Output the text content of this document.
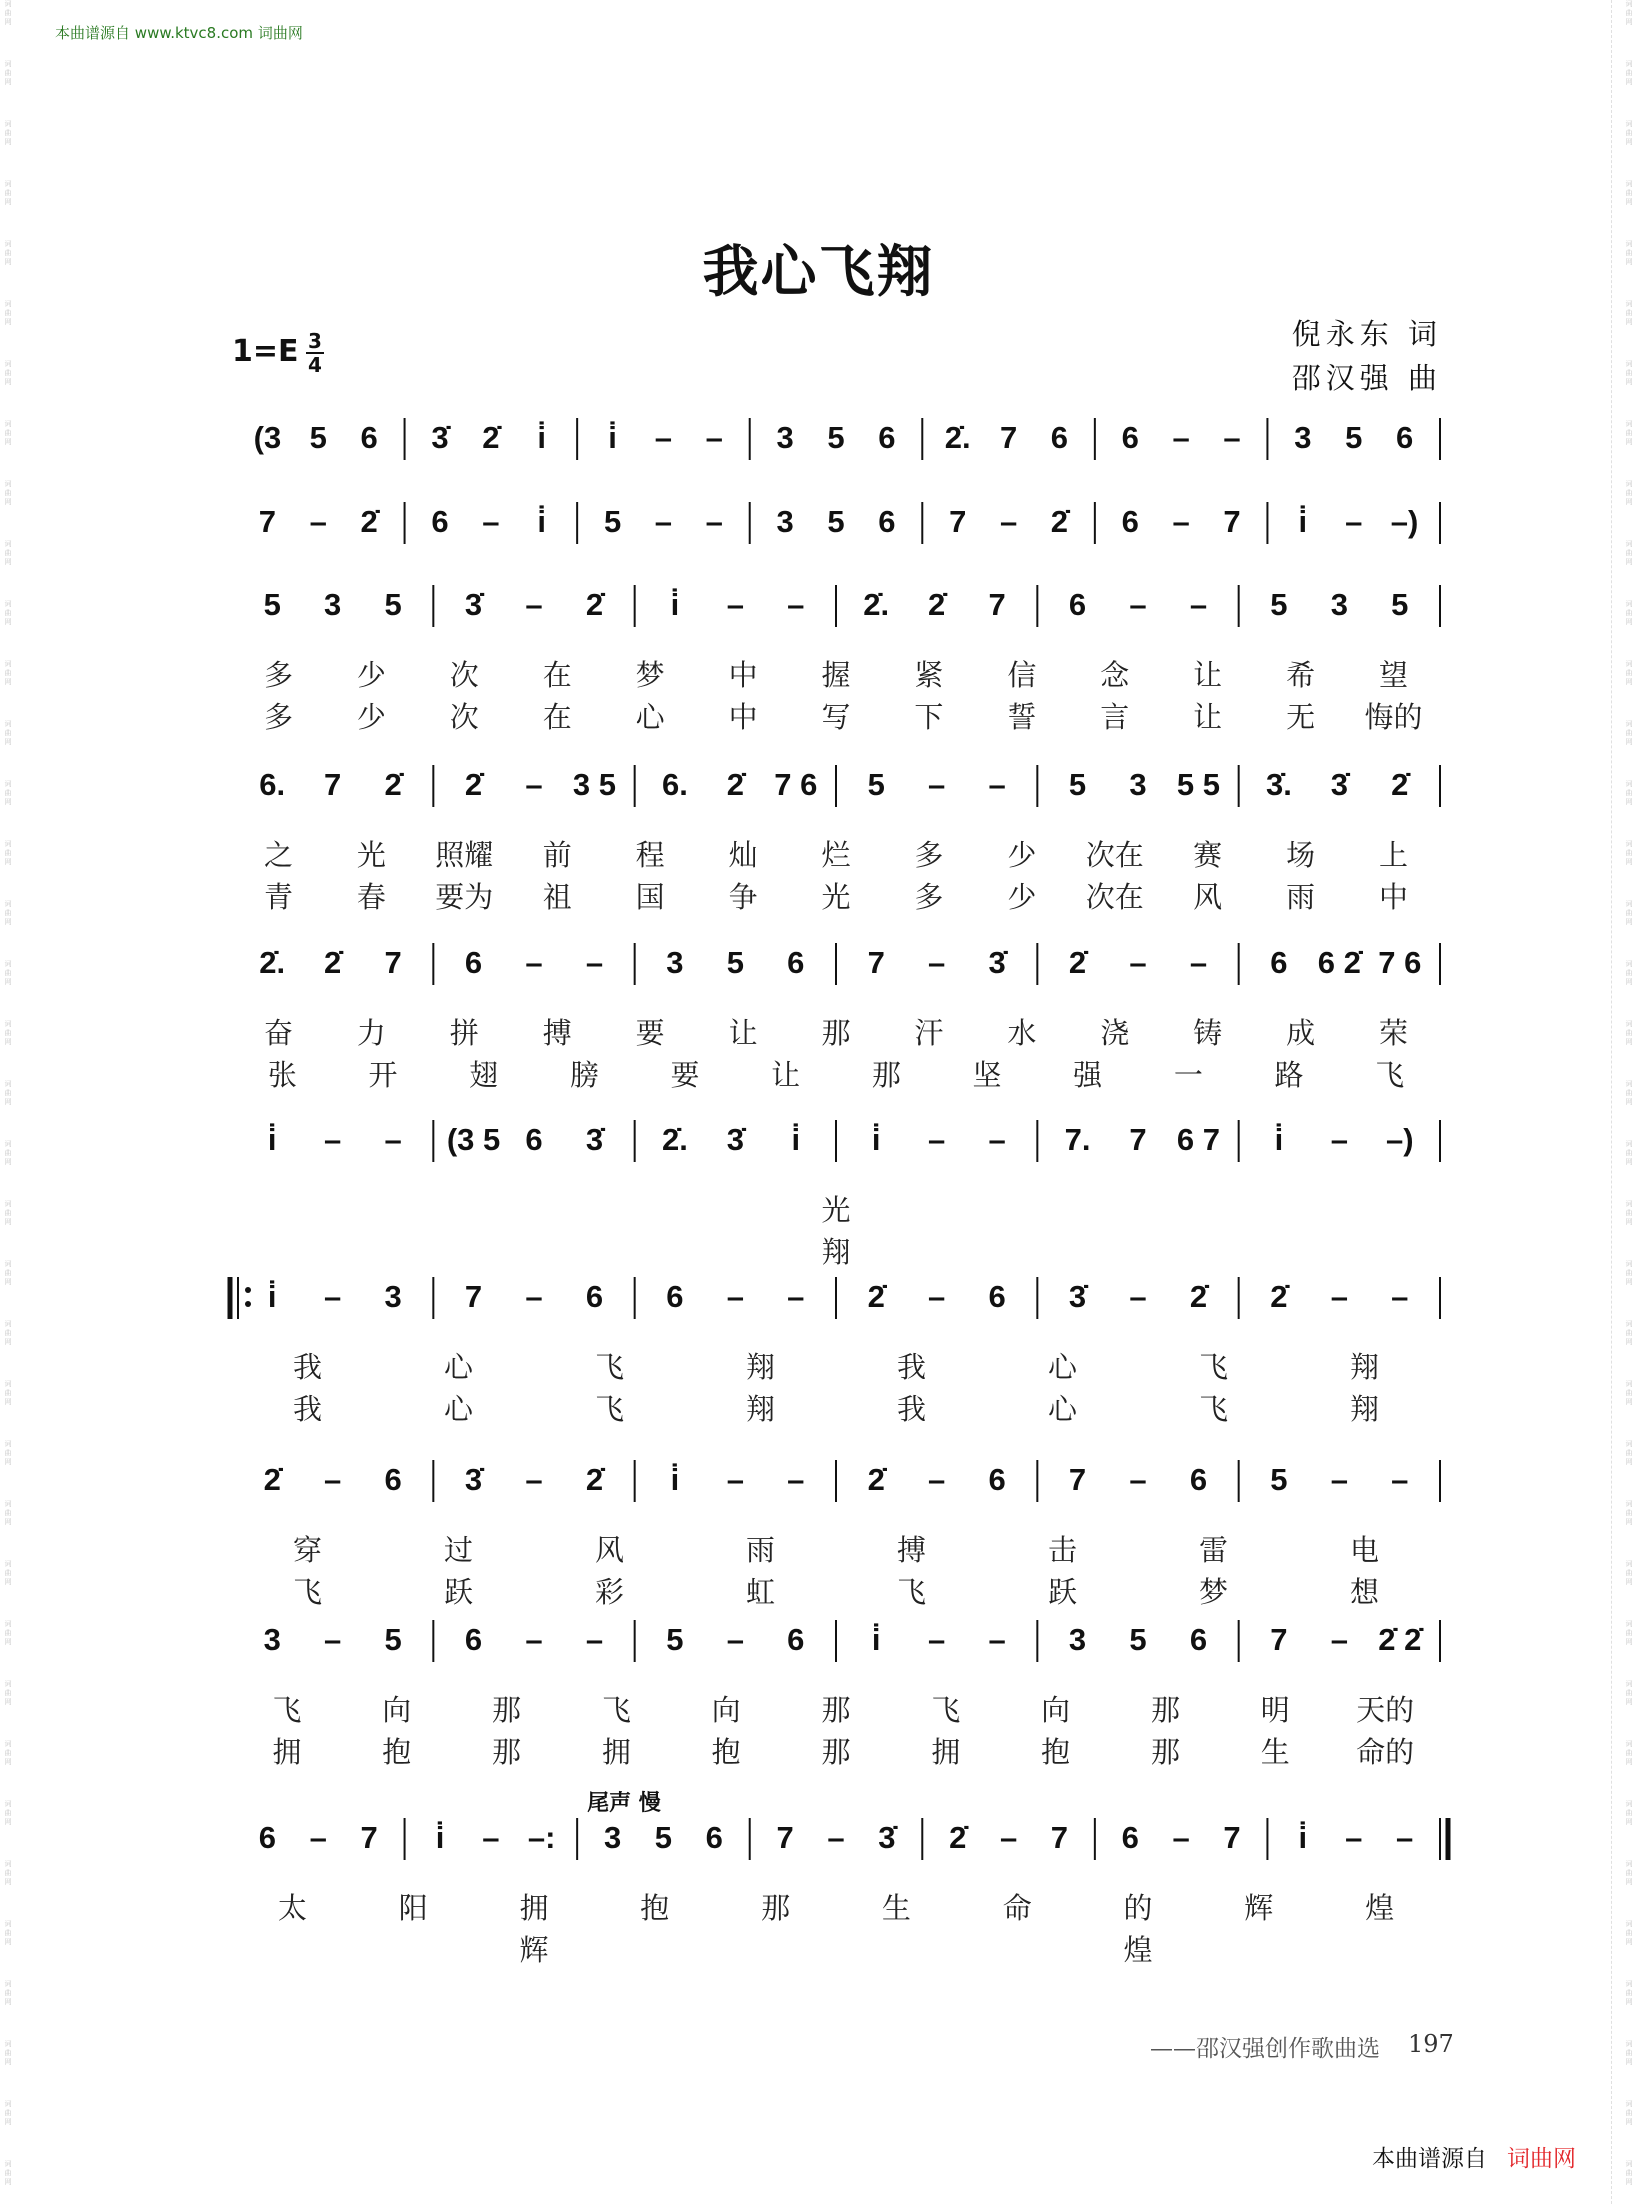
词
曲
网
词
曲
网
词
曲
网
词
曲
网
词
曲
网
词
曲
网
词
曲
网
词
曲
网
词
曲
网
词
曲
网
词
曲
网
词
曲
网
词
曲
网
词
曲
网
词
曲
网
词
曲
网
词
曲
网
词
曲
网
词
曲
网
词
曲
网
词
曲
网
词
曲
网
词
曲
网
词
曲
网
词
曲
网
词
曲
网
词
曲
网
词
曲
网
词
曲
网
词
曲
网
词
曲
网
词
曲
网
词
曲
网
词
曲
网
词
曲
网
词
曲
网
词
曲
网
词
曲
网
词
曲
网
词
曲
网
词
曲
网
词
曲
网
词
曲
网
词
曲
网
词
曲
网
词
曲
网
词
曲
网
词
曲
网
词
曲
网
词
曲
网
词
曲
网
词
曲
网
词
曲
网
词
曲
网
词
曲
网
词
曲
网
词
曲
网
词
曲
网
词
曲
网
词
曲
网
词
曲
网
词
曲
网
词
曲
网
词
曲
网
词
曲
网
词
曲
网
词
曲
网
词
曲
网
词
曲
网
词
曲
网
词
曲
网
词
曲
网
词
曲
网
词
曲
网
本曲谱源自 www.ktvc8.com 词曲网
我心飞翔
1=E 3
4
倪永东 词
邵汉强 曲
(3 5 6 3̇ 2̇ i̇ i̇ – – 3 5 6 2̇. 7 6 6 – – 3 5 6
7 – 2̇ 6 – i̇ 5 – – 3 5 6 7 – 2̇ 6 – 7 i̇ – –)
5 3 5 3̇ – 2̇ i̇ – – 2̇. 2̇ 7 6 – – 5 3 5
多 少 次 在 梦 中 握 紧 信 念 让 希 望
多 少 次 在 心 中 写 下 誓 言 让 无 悔的
6. 7 2̇ 2̇ – 3 5 6. 2̇ 7 6 5 – – 5 3 5 5 3̇. 3̇ 2̇
之 光 照耀 前 程 灿 烂 多 少 次在 赛 场 上
青 春 要为 祖 国 争 光 多 少 次在 风 雨 中
2̇. 2̇ 7 6 – – 3 5 6 7 – 3̇ 2̇ – – 6 6 2̇ 7 6
奋 力 拼 搏 要 让 那 汗 水 浇 铸 成 荣
张 开 翅 膀 要 让 那 坚 强 一 路 飞
i̇ – – (3 5 6 3̇ 2̇. 3̇ i̇ i̇ – – 7. 7 6 7 i̇ – –)
光
翔
i̇ – 3 7 – 6 6 – – 2̇ – 6 3̇ – 2̇ 2̇ – –
我	心	飞	翔	我	心	飞	翔
我	心	飞	翔	我	心	飞	翔
2̇ – 6 3̇ – 2̇ i̇ – – 2̇ – 6 7 – 6 5 – –
穿	过	风	雨	搏	击	雷	电
飞	跃	彩	虹	飞	跃	梦	想
3 – 5 6 – – 5 – 6 i̇ – – 3 5 6 7 – 2̇ 2̇
飞	向	那	飞	向	那	飞	向	那	明 天的
拥	抱	那	拥	抱	那	拥	抱	那	生 命的
6 – 7 i̇ – –: 3 5 6 7 – 3̇ 2̇ – 7 6 – 7 i̇ – –
尾声 慢
太	阳	拥	抱	那	生	命	的	辉	煌
辉	煌
——邵汉强创作歌曲选 197
本曲谱源自 词曲网
